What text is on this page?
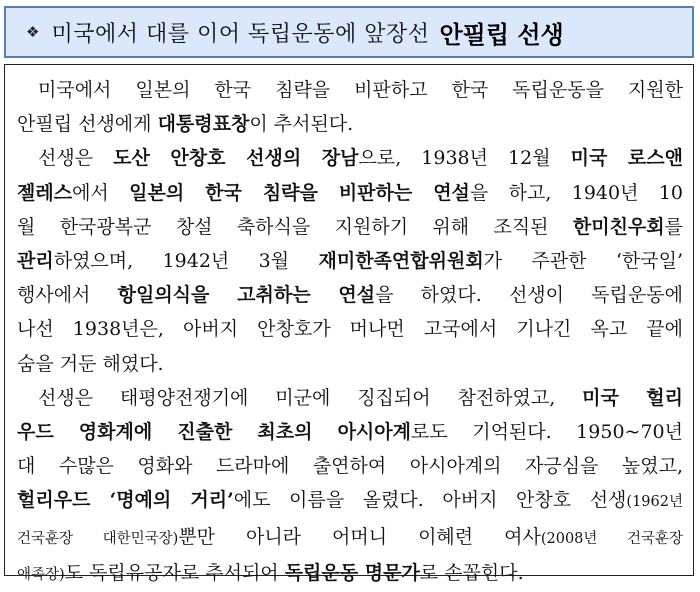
❖ 미국에서 대를 이어 독립운동에 앞장선 안필립 선생
미국에서 일본의 한국 침략을 비판하고 한국 독립운동을 지원한
안필립 선생에게 대통령표창이 추서된다.
선생은 도산 안창호 선생의 장남으로, 1938년 12월 미국 로스앤
젤레스에서 일본의 한국 침략을 비판하는 연설을 하고, 1940년 10
월 한국광복군 창설 축하식을 지원하기 위해 조직된 한미친우회를
관리하였으며, 1942년 3월 재미한족연합위원회가 주관한 ‘한국일’
행사에서 항일의식을 고취하는 연설을 하였다. 선생이 독립운동에
나선 1938년은, 아버지 안창호가 머나먼 고국에서 기나긴 옥고 끝에
숨을 거둔 해였다.
선생은 태평양전쟁기에 미군에 징집되어 참전하였고, 미국 헐리
우드 영화계에 진출한 최초의 아시아계로도 기억된다. 1950~70년
대 수많은 영화와 드라마에 출연하여 아시아계의 자긍심을 높였고,
헐리우드 ‘명예의 거리’에도 이름을 올렸다. 아버지 안창호 선생(1962년
건국훈장 대한민국장)뿐만 아니라 어머니 이혜련 여사(2008년 건국훈장
애족장)도 독립유공자로 추서되어 독립운동 명문가로 손꼽힌다.
